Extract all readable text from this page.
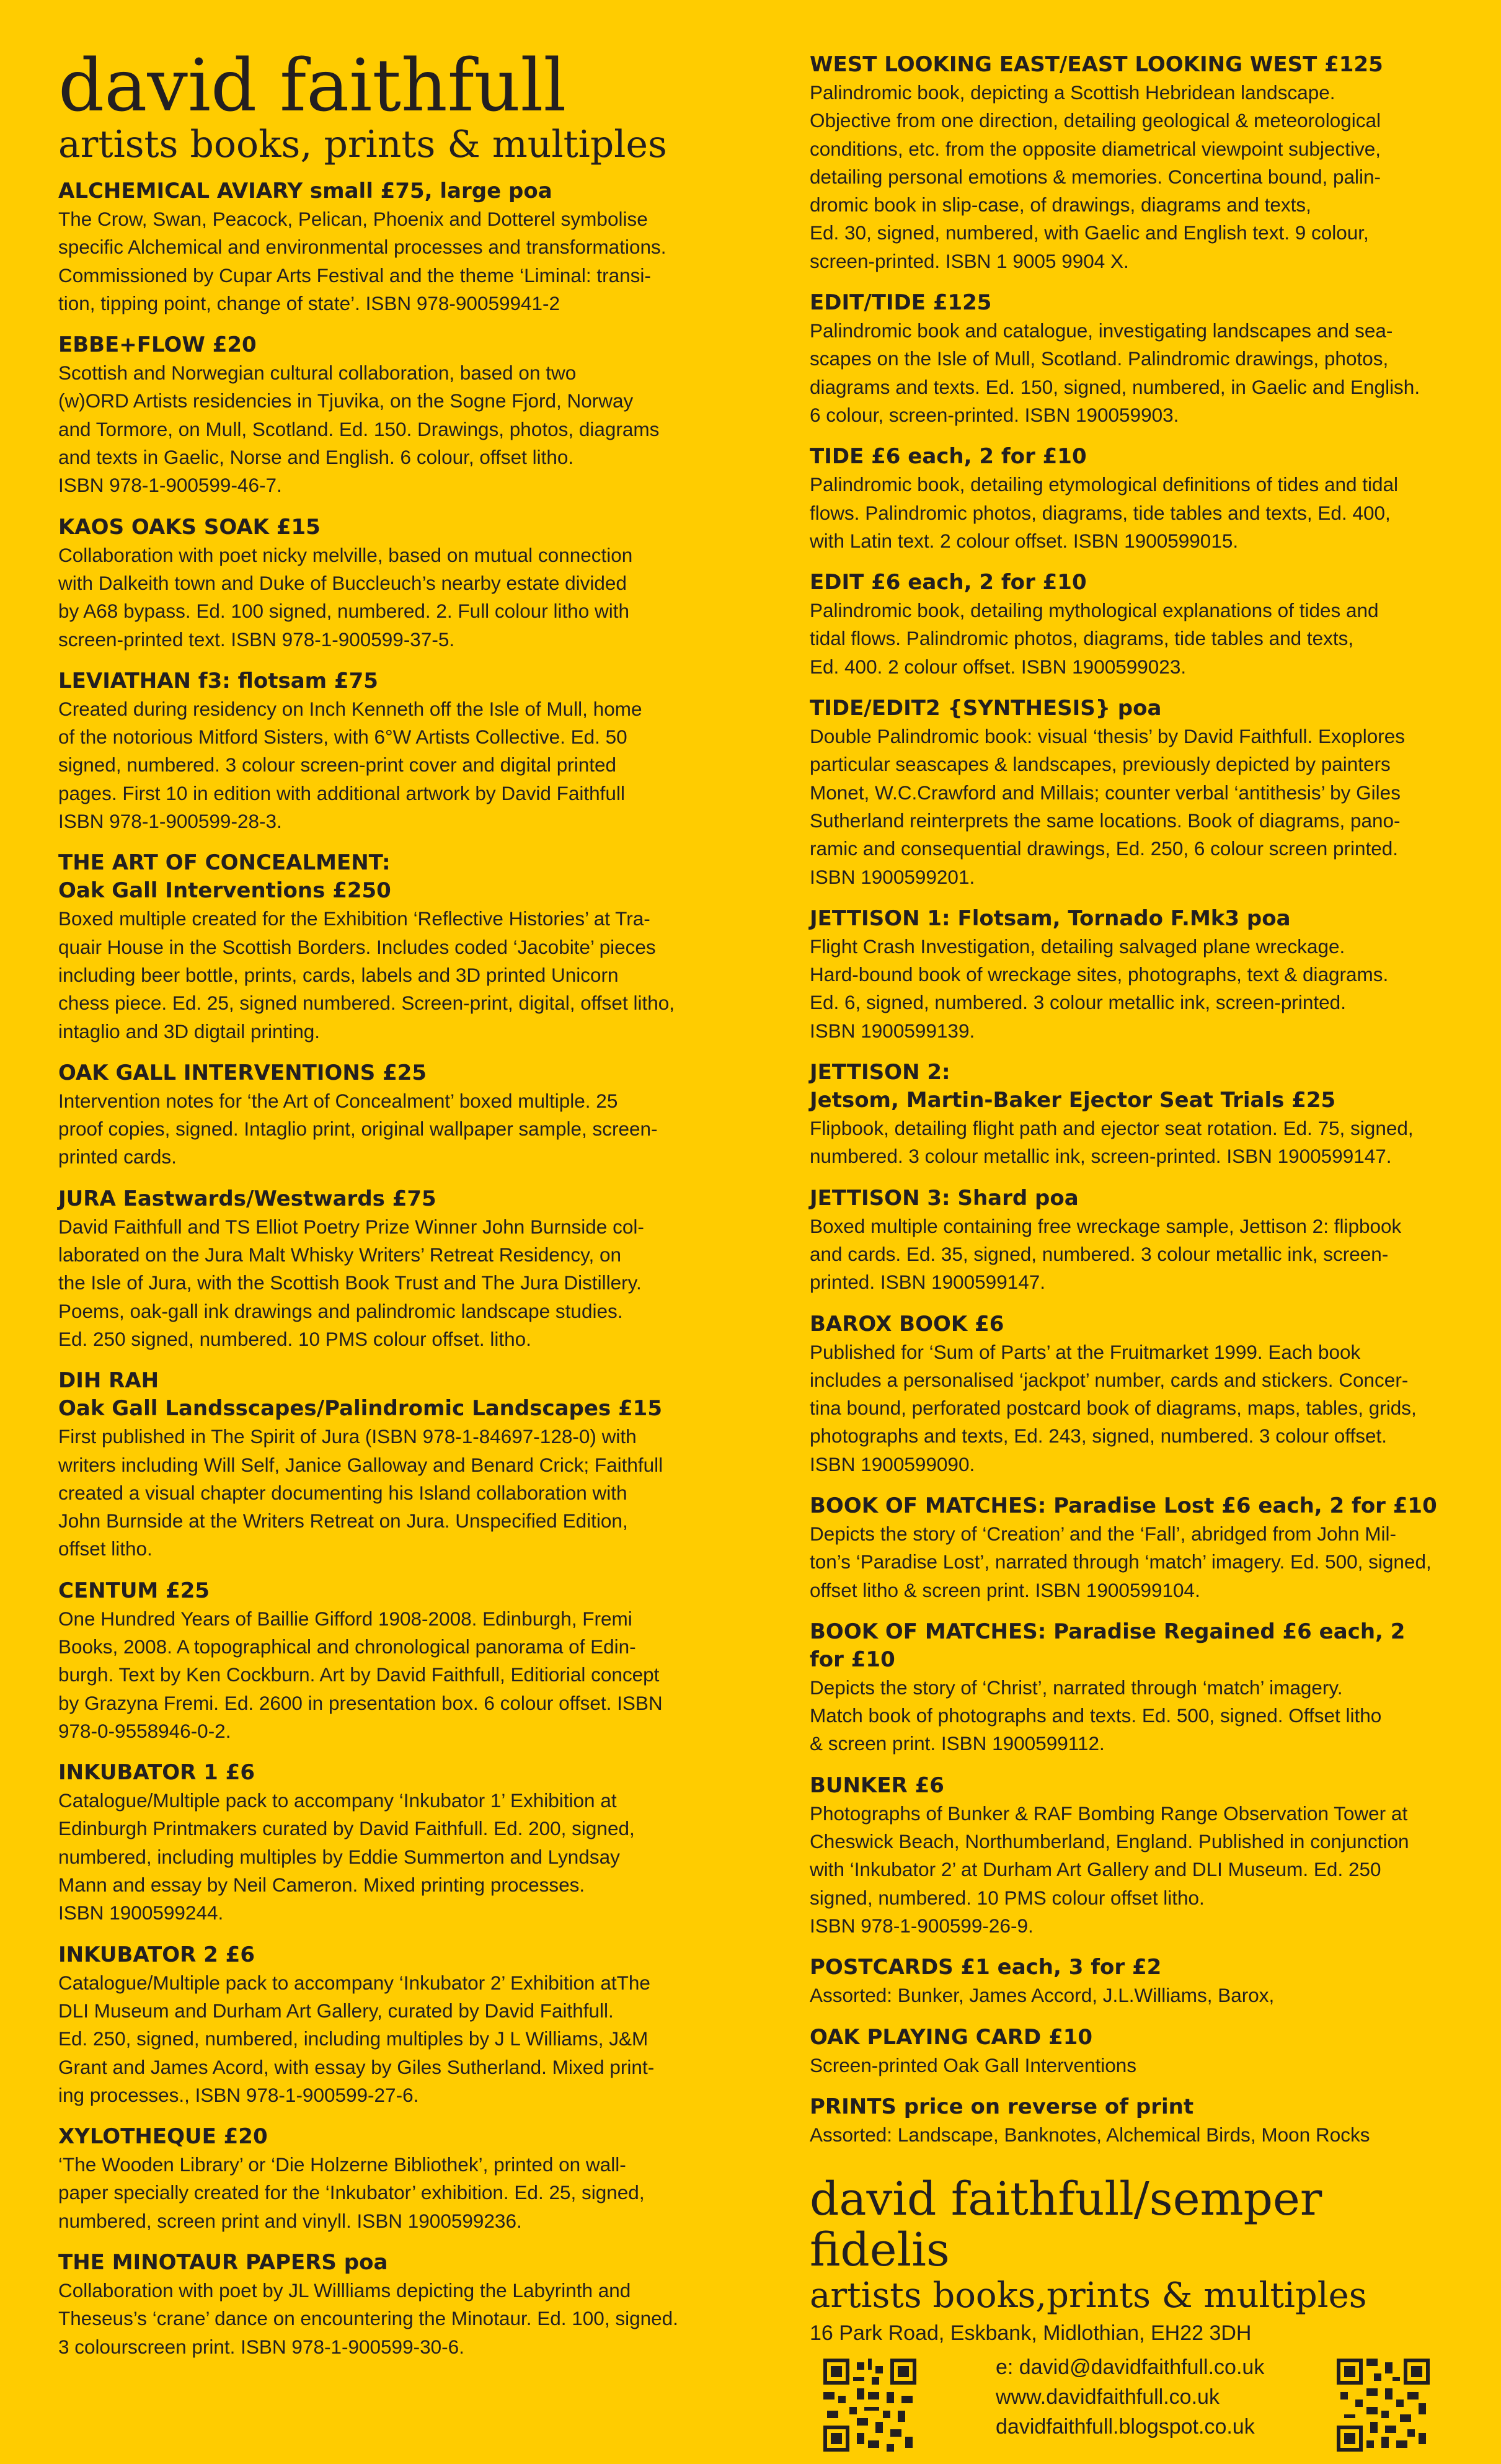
david faithfull
artists books, prints & multiples
ALCHEMICAL AVIARY small £75, large poa
The Crow, Swan, Peacock, Pelican, Phoenix and Dotterel symbolise
specific Alchemical and environmental processes and transformations.
Commissioned by Cupar Arts Festival and the theme ‘Liminal: transi-
tion, tipping point, change of state’. ISBN 978-90059941-2
EBBE+FLOW £20
Scottish and Norwegian cultural collaboration, based on two
(w)ORD Artists residencies in Tjuvika, on the Sogne Fjord, Norway
and Tormore, on Mull, Scotland. Ed. 150. Drawings, photos, diagrams
and texts in Gaelic, Norse and English. 6 colour, offset litho.
ISBN 978-1-900599-46-7.
KAOS OAKS SOAK £15
Collaboration with poet nicky melville, based on mutual connection
with Dalkeith town and Duke of Buccleuch’s nearby estate divided
by A68 bypass. Ed. 100 signed, numbered. 2. Full colour litho with
screen-printed text. ISBN 978-1-900599-37-5.
LEVIATHAN f3: flotsam £75
Created during residency on Inch Kenneth off the Isle of Mull, home
of the notorious Mitford Sisters, with 6°W Artists Collective. Ed. 50
signed, numbered. 3 colour screen-print cover and digital printed
pages. First 10 in edition with additional artwork by David Faithfull
ISBN 978-1-900599-28-3.
THE ART OF CONCEALMENT:
Oak Gall Interventions £250
Boxed multiple created for the Exhibition ‘Reflective Histories’ at Tra-
quair House in the Scottish Borders. Includes coded ‘Jacobite’ pieces
including beer bottle, prints, cards, labels and 3D printed Unicorn
chess piece. Ed. 25, signed numbered. Screen-print, digital, offset litho,
intaglio and 3D digtail printing.
OAK GALL INTERVENTIONS £25
Intervention notes for ‘the Art of Concealment’ boxed multiple. 25
proof copies, signed. Intaglio print, original wallpaper sample, screen-
printed cards.
JURA Eastwards/Westwards £75
David Faithfull and TS Elliot Poetry Prize Winner John Burnside col-
laborated on the Jura Malt Whisky Writers’ Retreat Residency, on
the Isle of Jura, with the Scottish Book Trust and The Jura Distillery.
Poems, oak-gall ink drawings and palindromic landscape studies.
Ed. 250 signed, numbered. 10 PMS colour offset. litho.
DIH RAH
Oak Gall Landsscapes/Palindromic Landscapes £15
First published in The Spirit of Jura (ISBN 978-1-84697-128-0) with
writers including Will Self, Janice Galloway and Benard Crick; Faithfull
created a visual chapter documenting his Island collaboration with
John Burnside at the Writers Retreat on Jura. Unspecified Edition,
offset litho.
CENTUM £25
One Hundred Years of Baillie Gifford 1908-2008. Edinburgh, Fremi
Books, 2008. A topographical and chronological panorama of Edin-
burgh. Text by Ken Cockburn. Art by David Faithfull, Editiorial concept
by Grazyna Fremi. Ed. 2600 in presentation box. 6 colour offset. ISBN
978-0-9558946-0-2.
INKUBATOR 1 £6
Catalogue/Multiple pack to accompany ‘Inkubator 1’ Exhibition at
Edinburgh Printmakers curated by David Faithfull. Ed. 200, signed,
numbered, including multiples by Eddie Summerton and Lyndsay
Mann and essay by Neil Cameron. Mixed printing processes.
ISBN 1900599244.
INKUBATOR 2 £6
Catalogue/Multiple pack to accompany ‘Inkubator 2’ Exhibition atThe
DLI Museum and Durham Art Gallery, curated by David Faithfull.
Ed. 250, signed, numbered, including multiples by J L Williams, J&M
Grant and James Acord, with essay by Giles Sutherland. Mixed print-
ing processes., ISBN 978-1-900599-27-6.
XYLOTHEQUE £20
‘The Wooden Library’ or ‘Die Holzerne Bibliothek’, printed on wall-
paper specially created for the ‘Inkubator’ exhibition. Ed. 25, signed,
numbered, screen print and vinyll. ISBN 1900599236.
THE MINOTAUR PAPERS poa
Collaboration with poet by JL Willliams depicting the Labyrinth and
Theseus’s ‘crane’ dance on encountering the Minotaur. Ed. 100, signed.
3 colourscreen print. ISBN 978-1-900599-30-6.
WEST LOOKING EAST/EAST LOOKING WEST £125
Palindromic book, depicting a Scottish Hebridean landscape.
Objective from one direction, detailing geological & meteorological
conditions, etc. from the opposite diametrical viewpoint subjective,
detailing personal emotions & memories. Concertina bound, palin-
dromic book in slip-case, of drawings, diagrams and texts,
Ed. 30, signed, numbered, with Gaelic and English text. 9 colour,
screen-printed. ISBN 1 9005 9904 X.
EDIT/TIDE £125
Palindromic book and catalogue, investigating landscapes and sea-
scapes on the Isle of Mull, Scotland. Palindromic drawings, photos,
diagrams and texts. Ed. 150, signed, numbered, in Gaelic and English.
6 colour, screen-printed. ISBN 190059903.
TIDE £6 each, 2 for £10
Palindromic book, detailing etymological definitions of tides and tidal
flows. Palindromic photos, diagrams, tide tables and texts, Ed. 400,
with Latin text. 2 colour offset. ISBN 1900599015.
EDIT £6 each, 2 for £10
Palindromic book, detailing mythological explanations of tides and
tidal flows. Palindromic photos, diagrams, tide tables and texts,
Ed. 400. 2 colour offset. ISBN 1900599023.
TIDE/EDIT2 {SYNTHESIS} poa
Double Palindromic book: visual ‘thesis’ by David Faithfull. Exoplores
particular seascapes & landscapes, previously depicted by painters
Monet, W.C.Crawford and Millais; counter verbal ‘antithesis’ by Giles
Sutherland reinterprets the same locations. Book of diagrams, pano-
ramic and consequential drawings, Ed. 250, 6 colour screen printed.
ISBN 1900599201.
JETTISON 1: Flotsam, Tornado F.Mk3 poa
Flight Crash Investigation, detailing salvaged plane wreckage.
Hard-bound book of wreckage sites, photographs, text & diagrams.
Ed. 6, signed, numbered. 3 colour metallic ink, screen-printed.
ISBN 1900599139.
JETTISON 2:
Jetsom, Martin-Baker Ejector Seat Trials £25
Flipbook, detailing flight path and ejector seat rotation. Ed. 75, signed,
numbered. 3 colour metallic ink, screen-printed. ISBN 1900599147.
JETTISON 3: Shard poa
Boxed multiple containing free wreckage sample, Jettison 2: flipbook
and cards. Ed. 35, signed, numbered. 3 colour metallic ink, screen-
printed. ISBN 1900599147.
BAROX BOOK £6
Published for ‘Sum of Parts’ at the Fruitmarket 1999. Each book
includes a personalised ‘jackpot’ number, cards and stickers. Concer-
tina bound, perforated postcard book of diagrams, maps, tables, grids,
photographs and texts, Ed. 243, signed, numbered. 3 colour offset.
ISBN 1900599090.
BOOK OF MATCHES: Paradise Lost £6 each, 2 for £10
Depicts the story of ‘Creation’ and the ‘Fall’, abridged from John Mil-
ton’s ‘Paradise Lost’, narrated through ‘match’ imagery. Ed. 500, signed,
offset litho & screen print. ISBN 1900599104.
BOOK OF MATCHES: Paradise Regained £6 each, 2
for £10
Depicts the story of ‘Christ’, narrated through ‘match’ imagery.
Match book of photographs and texts. Ed. 500, signed. Offset litho
& screen print. ISBN 1900599112.
BUNKER £6
Photographs of Bunker & RAF Bombing Range Observation Tower at
Cheswick Beach, Northumberland, England. Published in conjunction
with ‘Inkubator 2’ at Durham Art Gallery and DLI Museum. Ed. 250
signed, numbered. 10 PMS colour offset litho.
ISBN 978-1-900599-26-9.
POSTCARDS £1 each, 3 for £2
Assorted: Bunker, James Accord, J.L.Williams, Barox,
OAK PLAYING CARD £10
Screen-printed Oak Gall Interventions
PRINTS price on reverse of print
Assorted: Landscape, Banknotes, Alchemical Birds, Moon Rocks
david faithfull/semper fidelis
artists books,prints & multiples
16 Park Road, Eskbank, Midlothian, EH22 3DH
e: david@davidfaithfull.co.uk
www.davidfaithfull.co.uk
davidfaithfull.blogspot.co.uk
